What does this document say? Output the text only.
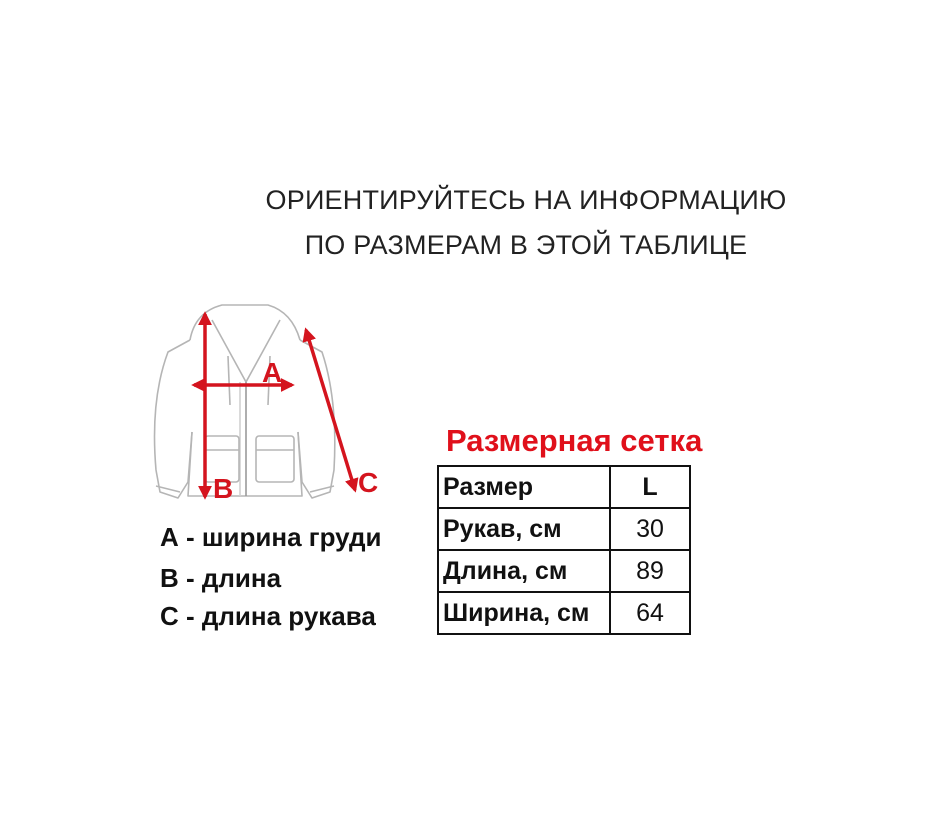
ОРИЕНТИРУЙТЕСЬ НА ИНФОРМАЦИЮ
ПО РАЗМЕРАМ В ЭТОЙ ТАБЛИЦЕ
A
B	C
А - ширина груди
В - длина
С - длина рукава
Размерная сетка
Размер	L
Рукав, см	30
Длина, см	89
Ширина, см	64
